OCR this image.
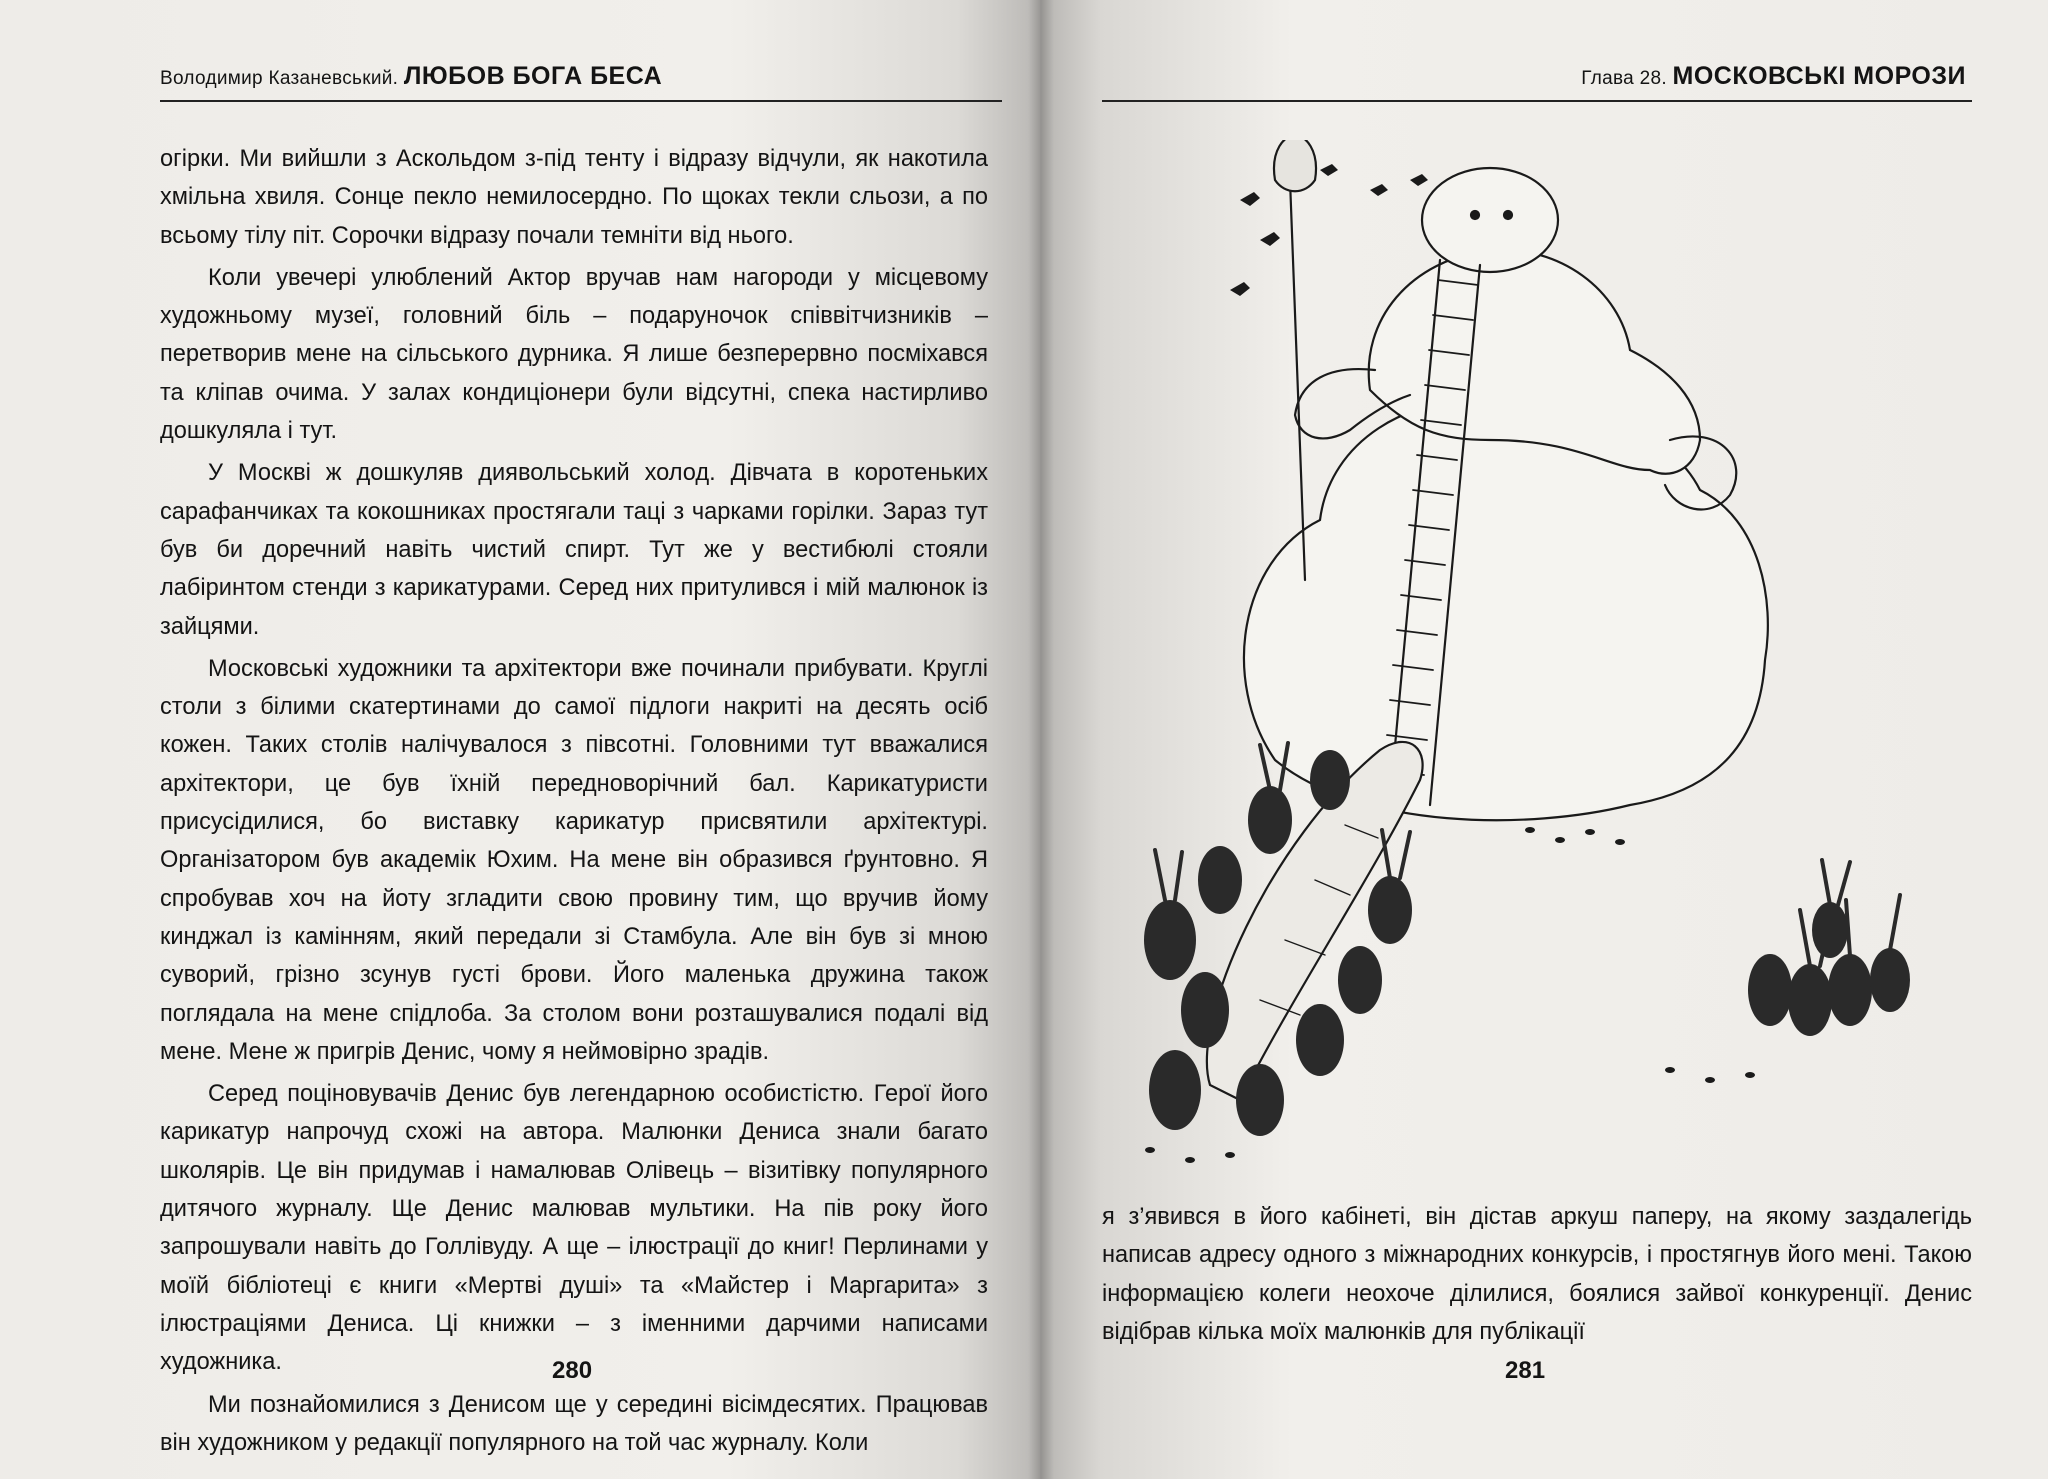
Володимир Казаневський. ЛЮБОВ БОГА БЕСА

огірки. Ми вийшли з Аскольдом з-під тенту і відразу відчули, як накотила хмільна хвиля. Сонце пекло немилосердно. По щоках текли сльози, а по всьому тілу піт. Сорочки відразу почали темніти від нього.

Коли увечері улюблений Актор вручав нам нагороди у місцевому художньому музеї, головний біль – подаруночок співвітчизників – перетворив мене на сільського дурника. Я лише безперервно посміхався та кліпав очима. У залах кондиціонери були відсутні, спека настирливо дошкуляла і тут.

У Москві ж дошкуляв диявольський холод. Дівчата в коротеньких сарафанчиках та кокошниках простягали таці з чарками горілки. Зараз тут був би доречний навіть чистий спирт. Тут же у вестибюлі стояли лабіринтом стенди з карикатурами. Серед них притулився і мій малюнок із зайцями.

Московські художники та архітектори вже починали прибувати. Круглі столи з білими скатертинами до самої підлоги накриті на десять осіб кожен. Таких столів налічувалося з півсотні. Головними тут вважалися архітектори, це був їхній передноворічний бал. Карикатуристи присусідилися, бо виставку карикатур присвятили архітектурі. Організатором був академік Юхим. На мене він образився ґрунтовно. Я спробував хоч на йоту згладити свою провину тим, що вручив йому кинджал із камінням, який передали зі Стамбула. Але він був зі мною суворий, грізно зсунув густі брови. Його маленька дружина також поглядала на мене спідлоба. За столом вони розташувалися подалі від мене. Мене ж пригрів Денис, чому я неймовірно зрадів.

Серед поціновувачів Денис був легендарною особистістю. Герої його карикатур напрочуд схожі на автора. Малюнки Дениса знали багато школярів. Це він придумав і намалював Олівець – візитівку популярного дитячого журналу. Ще Денис малював мультики. На пів року його запрошували навіть до Голлівуду. А ще – ілюстрації до книг! Перлинами у моїй бібліотеці є книги «Мертві душі» та «Майстер і Маргарита» з ілюстраціями Дениса. Ці книжки – з іменними дарчими написами художника.

Ми познайомилися з Денисом ще у середині вісімдесятих. Працював він художником у редакції популярного на той час журналу. Коли

280
Глава 28. МОСКОВСЬКІ МОРОЗИ

я з’явився в його кабінеті, він дістав аркуш паперу, на якому заздалегідь написав адресу одного з міжнародних конкурсів, і простягнув його мені. Такою інформацією колеги неохоче ділилися, боялися зайвої конкуренції. Денис відібрав кілька моїх малюнків для публікації

281
